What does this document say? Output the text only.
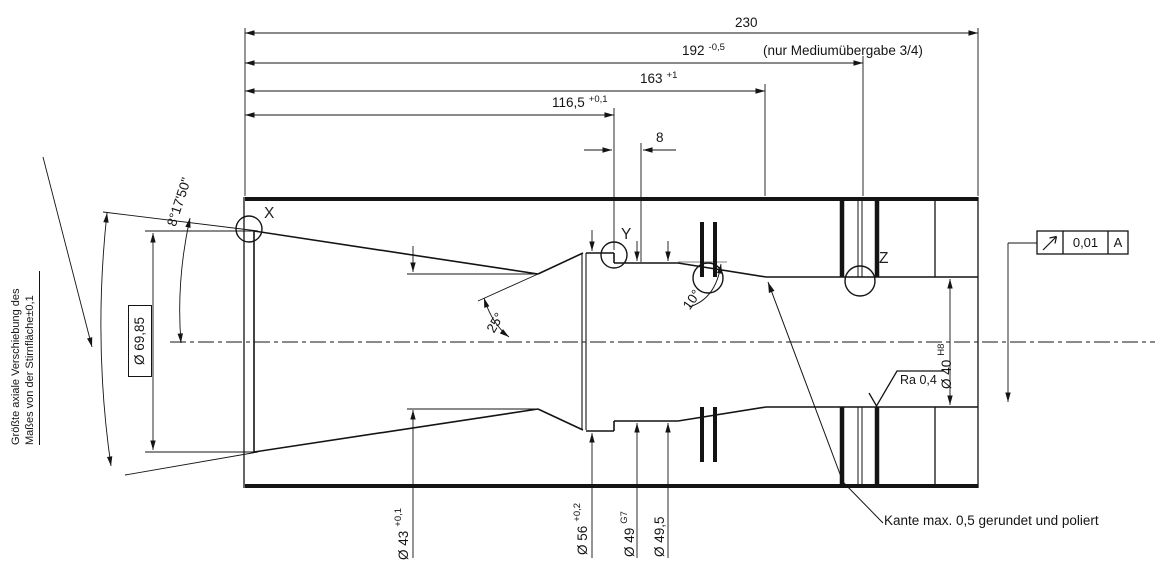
230
192 -0,5	(nur Mediumübergabe 3/4)
163 +1
116,5 +0,1
8
X
Y
Z
8°17'50"
25°
10°
Ø 69,85
Ø 43
+0,1
Ø 56
+0,2
Ø 49
G7 Ø 49,5
Ø 40
H8
Größte axiale Verschiebung des Maßes von der Stirnfläche±0,1	Ra 0,4
Kante max. 0,5 gerundet und poliert
0,01	A
